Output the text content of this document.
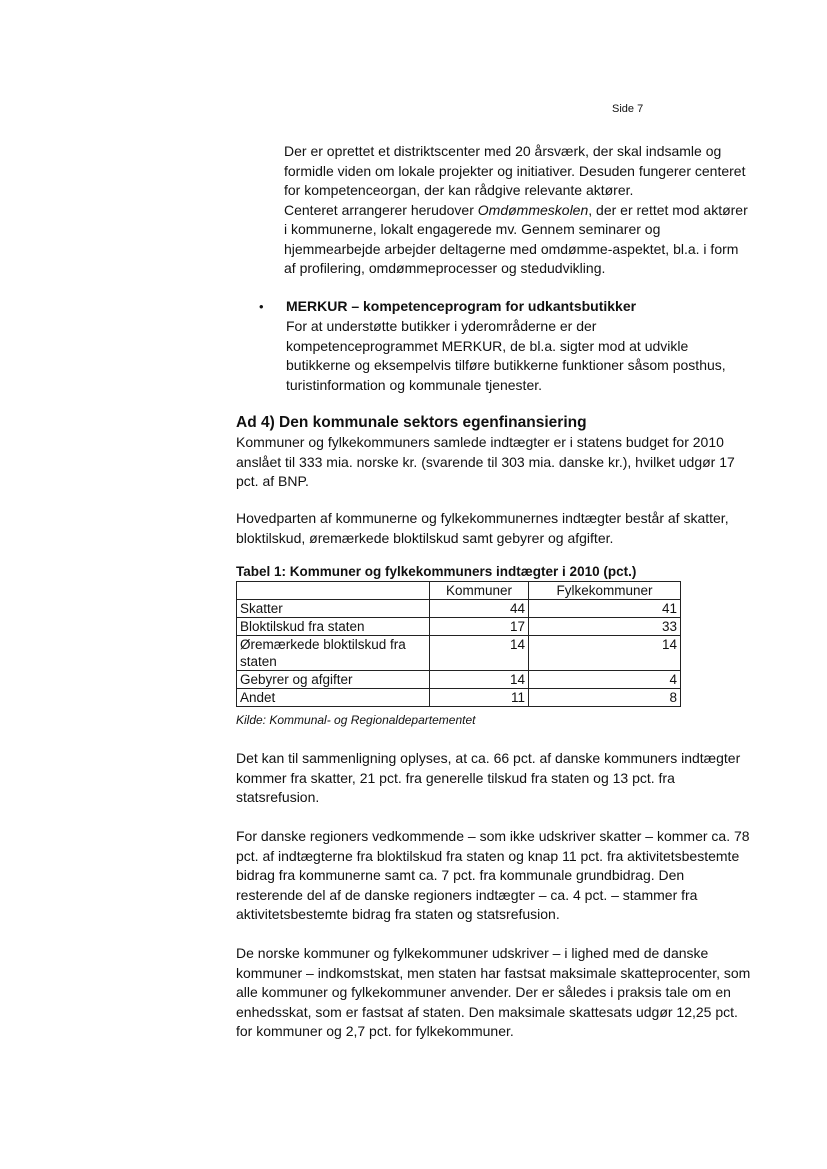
Side 7

Der er oprettet et distriktscenter med 20 årsværk, der skal indsamle og
formidle viden om lokale projekter og initiativer. Desuden fungerer centeret
for kompetenceorgan, der kan rådgive relevante aktører.
Centeret arrangerer herudover Omdømmeskolen, der er rettet mod aktører
i kommunerne, lokalt engagerede mv. Gennem seminarer og
hjemmearbejde arbejder deltagerne med omdømme-aspektet, bl.a. i form
af profilering, omdømmeprocesser og stedudvikling.

• MERKUR – kompetenceprogram for udkantsbutikker

For at understøtte butikker i yderområderne er der
kompetenceprogrammet MERKUR, de bl.a. sigter mod at udvikle
butikkerne og eksempelvis tilføre butikkerne funktioner såsom posthus,
turistinformation og kommunale tjenester.

Ad 4) Den kommunale sektors egenfinansiering

Kommuner og fylkekommuners samlede indtægter er i statens budget for 2010
anslået til 333 mia. norske kr. (svarende til 303 mia. danske kr.), hvilket udgør 17
pct. af BNP.

Hovedparten af kommunerne og fylkekommunernes indtægter består af skatter,
bloktilskud, øremærkede bloktilskud samt gebyrer og afgifter.

Tabel 1: Kommuner og fylkekommuners indtægter i 2010 (pct.)
	Kommuner	Fylkekommuner
Skatter	44	41
Bloktilskud fra staten	17	33
Øremærkede bloktilskud fra staten	14	14
Gebyrer og afgifter	14	4
Andet	11	8
Kilde: Kommunal- og Regionaldepartementet

Det kan til sammenligning oplyses, at ca. 66 pct. af danske kommuners indtægter
kommer fra skatter, 21 pct. fra generelle tilskud fra staten og 13 pct. fra
statsrefusion.

For danske regioners vedkommende – som ikke udskriver skatter – kommer ca. 78
pct. af indtægterne fra bloktilskud fra staten og knap 11 pct. fra aktivitetsbestemte
bidrag fra kommunerne samt ca. 7 pct. fra kommunale grundbidrag. Den
resterende del af de danske regioners indtægter – ca. 4 pct. – stammer fra
aktivitetsbestemte bidrag fra staten og statsrefusion.

De norske kommuner og fylkekommuner udskriver – i lighed med de danske
kommuner – indkomstskat, men staten har fastsat maksimale skatteprocenter, som
alle kommuner og fylkekommuner anvender. Der er således i praksis tale om en
enhedsskat, som er fastsat af staten. Den maksimale skattesats udgør 12,25 pct.
for kommuner og 2,7 pct. for fylkekommuner.
